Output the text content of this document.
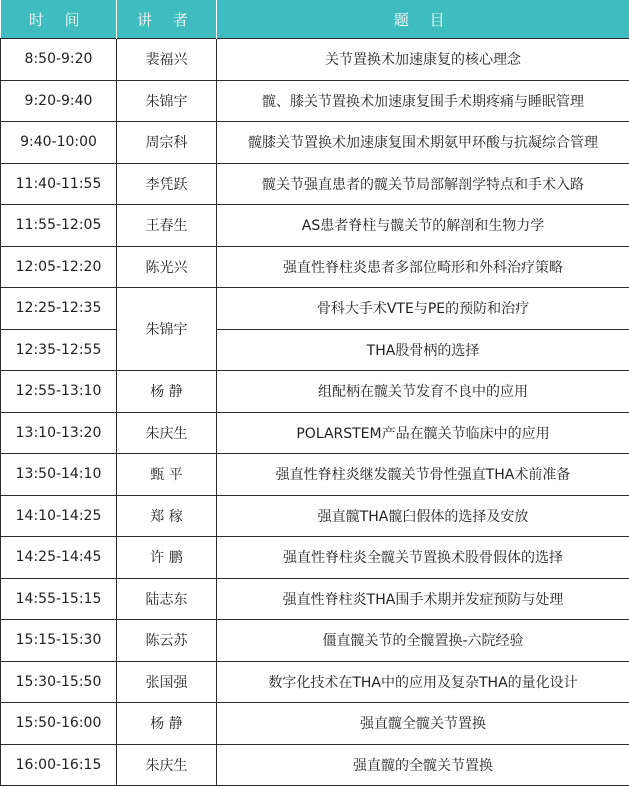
时 间	讲 者	题 目
8:50-9:20	裴福兴	关节置换术加速康复的核心理念
9:20-9:40	朱锦宇	髋、膝关节置换术加速康复围手术期疼痛与睡眠管理
9:40-10:00	周宗科	髋膝关节置换术加速康复围术期氨甲环酸与抗凝综合管理
11:40-11:55	李凭跃	髋关节强直患者的髋关节局部解剖学特点和手术入路
11:55-12:05	王春生	AS患者脊柱与髋关节的解剖和生物力学
12:05-12:20	陈光兴	强直性脊柱炎患者多部位畸形和外科治疗策略
12:25-12:35	朱锦宇	骨科大手术VTE与PE的预防和治疗
12:35-12:55		THA股骨柄的选择
12:55-13:10	杨 静	组配柄在髋关节发育不良中的应用
13:10-13:20	朱庆生	POLARSTEM产品在髋关节临床中的应用
13:50-14:10	甄 平	强直性脊柱炎继发髋关节骨性强直THA术前准备
14:10-14:25	郑 稼	强直髋THA髋臼假体的选择及安放
14:25-14:45	许 鹏	强直性脊柱炎全髋关节置换术股骨假体的选择
14:55-15:15	陆志东	强直性脊柱炎THA围手术期并发症预防与处理
15:15-15:30	陈云苏	僵直髋关节的全髋置换-六院经验
15:30-15:50	张国强	数字化技术在THA中的应用及复杂THA的量化设计
15:50-16:00	杨 静	强直髋全髋关节置换
16:00-16:15	朱庆生	强直髋的全髋关节置换
